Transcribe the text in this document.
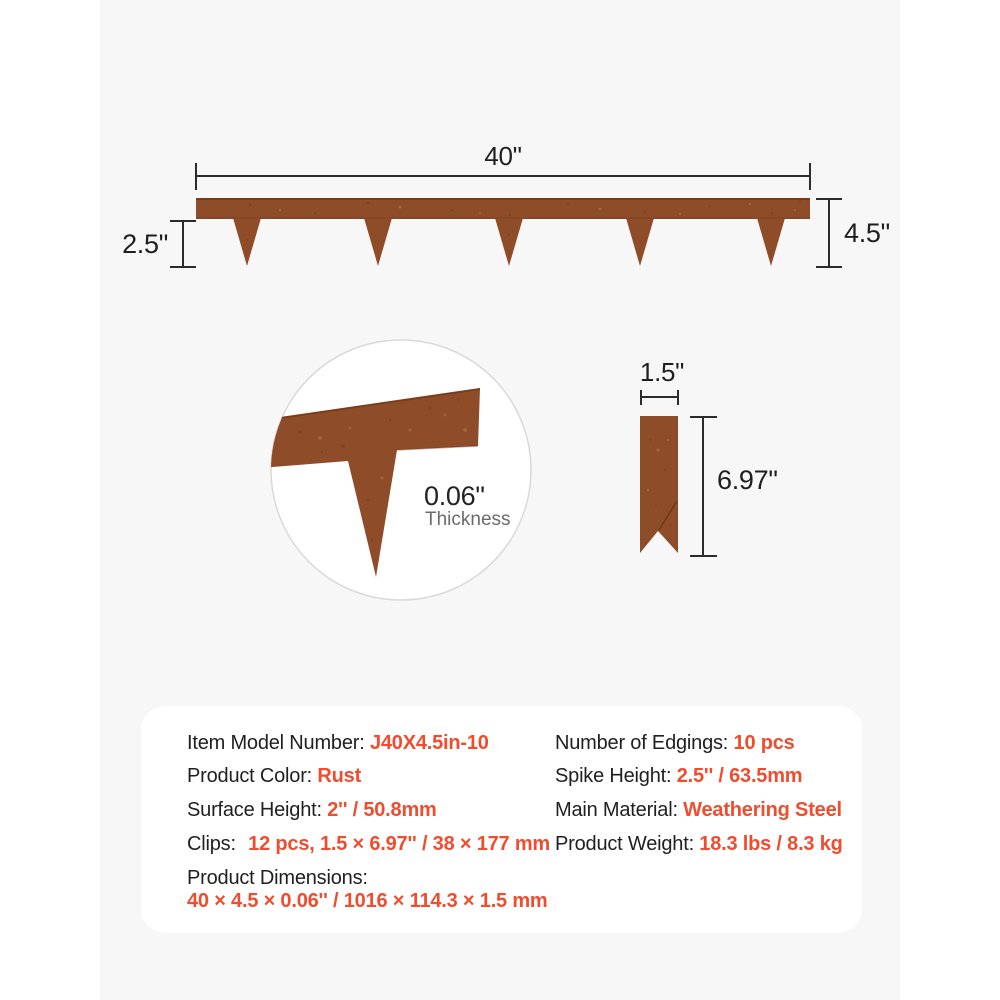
40"
2.5"	4.5"
1.5"
6.97"
0.06"
Thickness
Item Model Number: J40X4.5in-10
Product Color: Rust
Surface Height: 2'' / 50.8mm
Clips: 12 pcs, 1.5 × 6.97'' / 38 × 177 mm
Product Dimensions:
40 × 4.5 × 0.06'' / 1016 × 114.3 × 1.5 mm
Number of Edgings: 10 pcs
Spike Height: 2.5'' / 63.5mm
Main Material: Weathering Steel
Product Weight: 18.3 lbs / 8.3 kg
